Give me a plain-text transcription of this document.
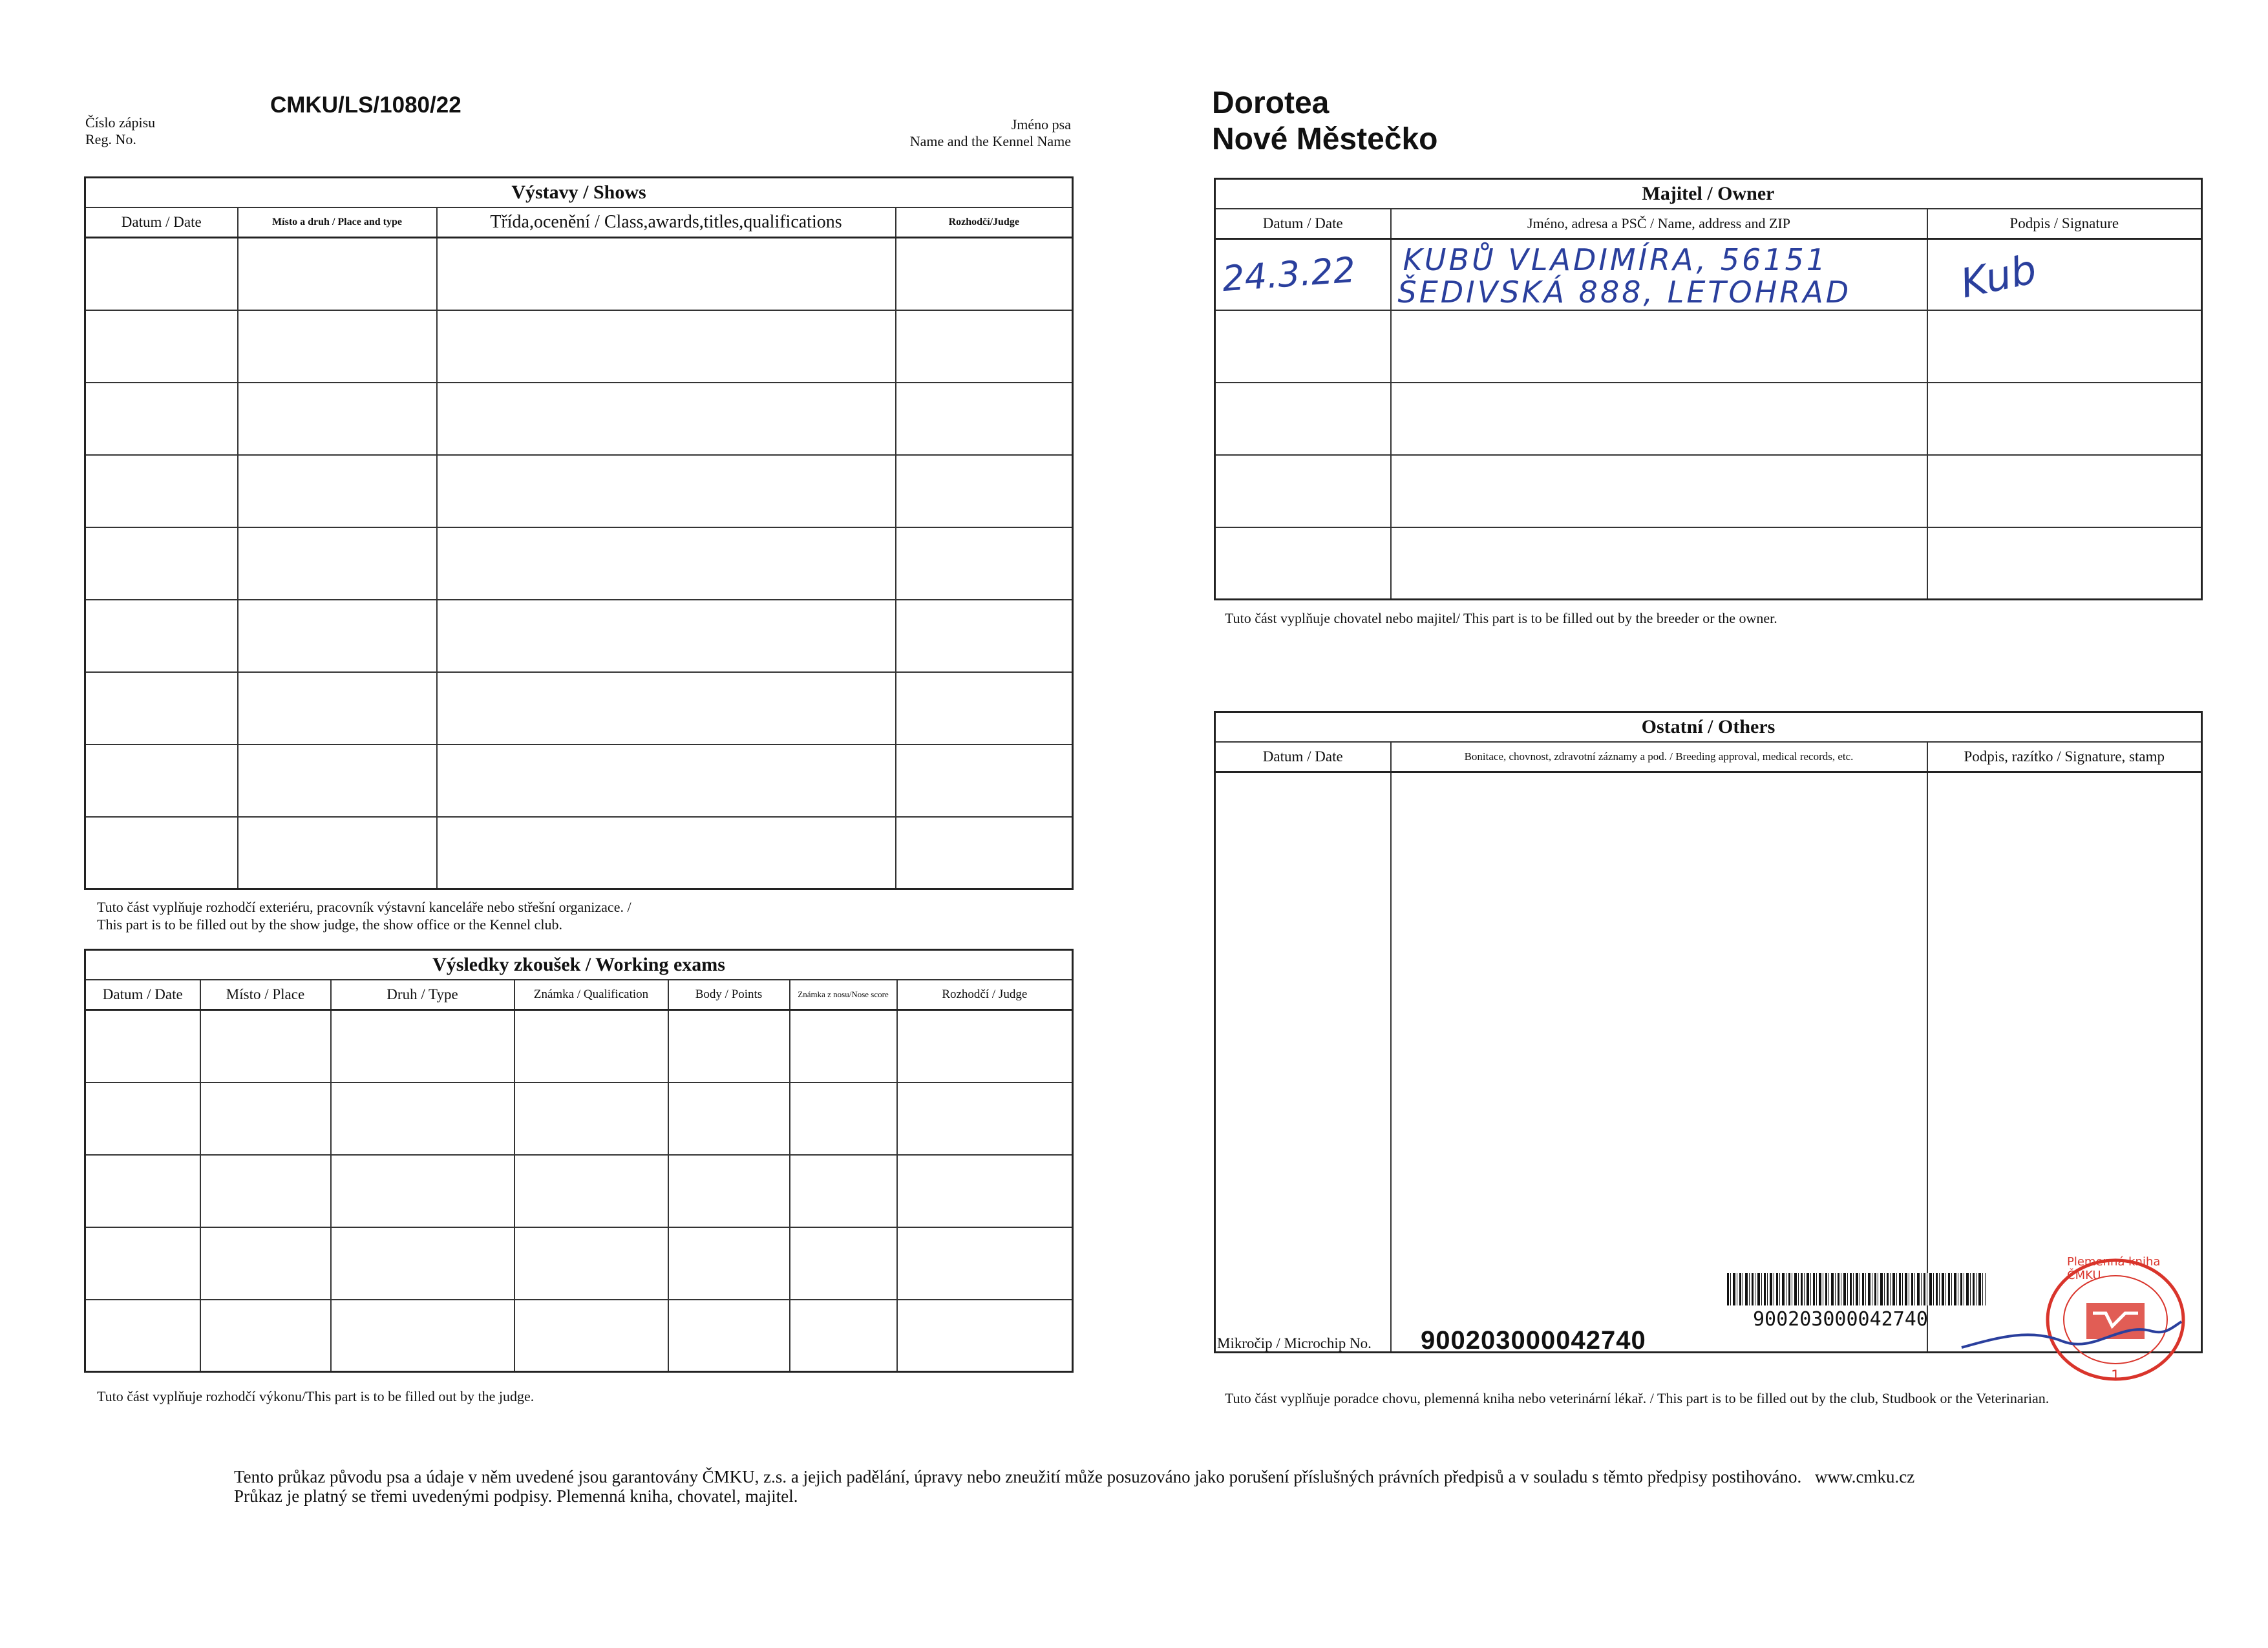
Číslo zápisu
Reg. No.
CMKU/LS/1080/22
Jméno psa
Name and the Kennel Name
Výstavy / Shows			
Datum / Date	Místo a druh / Place and type	Třída,ocenění / Class,awards,titles,qualifications	Rozhodčí/Judge

Tuto část vyplňuje rozhodčí exteriéru, pracovník výstavní kanceláře nebo střešní organizace. /
This part is to be filled out by the show judge, the show office or the Kennel club.
Výsledky zkoušek / Working exams						
Datum / Date	Místo / Place	Druh / Type	Známka / Qualification	Body / Points	Známka z nosu/Nose score	Rozhodčí / Judge

Tuto část vyplňuje rozhodčí výkonu/This part is to be filled out by the judge.
Dorotea
Nové Městečko
Majitel / Owner		
Datum / Date	Jméno, adresa a PSČ / Name, address and ZIP	Podpis / Signature

24.3.22	KUBŮ VLADIMÍRA, 56151
ŠEDIVSKÁ 888, LETOHRAD	Kub

Tuto část vyplňuje chovatel nebo majitel/ This part is to be filled out by the breeder or the owner.
Ostatní / Others		
Datum / Date	Bonitace, chovnost, zdravotní záznamy a pod. / Breeding approval, medical records, etc.	Podpis, razítko / Signature, stamp

Mikročip / Microchip No. 900203000042740
900203000042740
Plemenná kniha ČMKU
1
Tuto část vyplňuje poradce chovu, plemenná kniha nebo veterinární lékař. / This part is to be filled out by the club, Studbook or the Veterinarian.
Tento průkaz původu psa a údaje v něm uvedené jsou garantovány ČMKU, z.s. a jejich padělání, úpravy nebo zneužití může posuzováno jako porušení příslušných právních předpisů a v souladu s těmto předpisy postihováno. www.cmku.cz
Průkaz je platný se třemi uvedenými podpisy. Plemenná kniha, chovatel, majitel.
